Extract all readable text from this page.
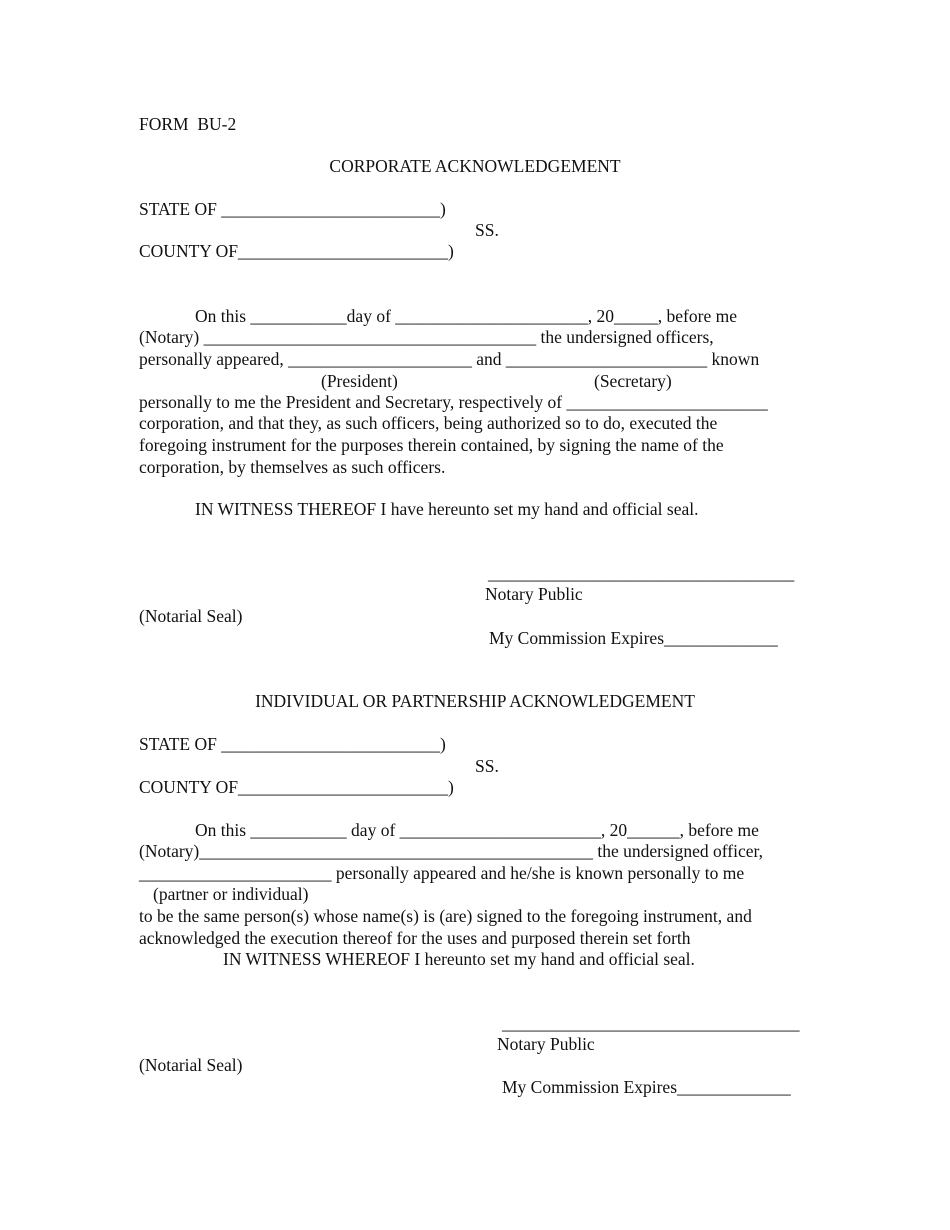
FORM  BU-2
CORPORATE ACKNOWLEDGEMENT
STATE OF _________________________)
SS.
COUNTY OF________________________)
On this ___________day of ______________________, 20_____, before me
(Notary) ______________________________________ the undersigned officers,
personally appeared, _____________________ and _______________________ known
(President)	(Secretary)
personally to me the President and Secretary, respectively of _______________________
corporation, and that they, as such officers, being authorized so to do, executed the
foregoing instrument for the purposes therein contained, by signing the name of the
corporation, by themselves as such officers.
IN WITNESS THEREOF I have hereunto set my hand and official seal.
___________________________________
Notary Public
(Notarial Seal)
My Commission Expires_____________
INDIVIDUAL OR PARTNERSHIP ACKNOWLEDGEMENT
STATE OF _________________________)
SS.
COUNTY OF________________________)
On this ___________ day of _______________________, 20______, before me
(Notary)_____________________________________________ the undersigned officer,
______________________ personally appeared and he/she is known personally to me
(partner or individual)
to be the same person(s) whose name(s) is (are) signed to the foregoing instrument, and
acknowledged the execution thereof for the uses and purposed therein set forth
IN WITNESS WHEREOF I hereunto set my hand and official seal.
__________________________________
Notary Public
(Notarial Seal)
My Commission Expires_____________
